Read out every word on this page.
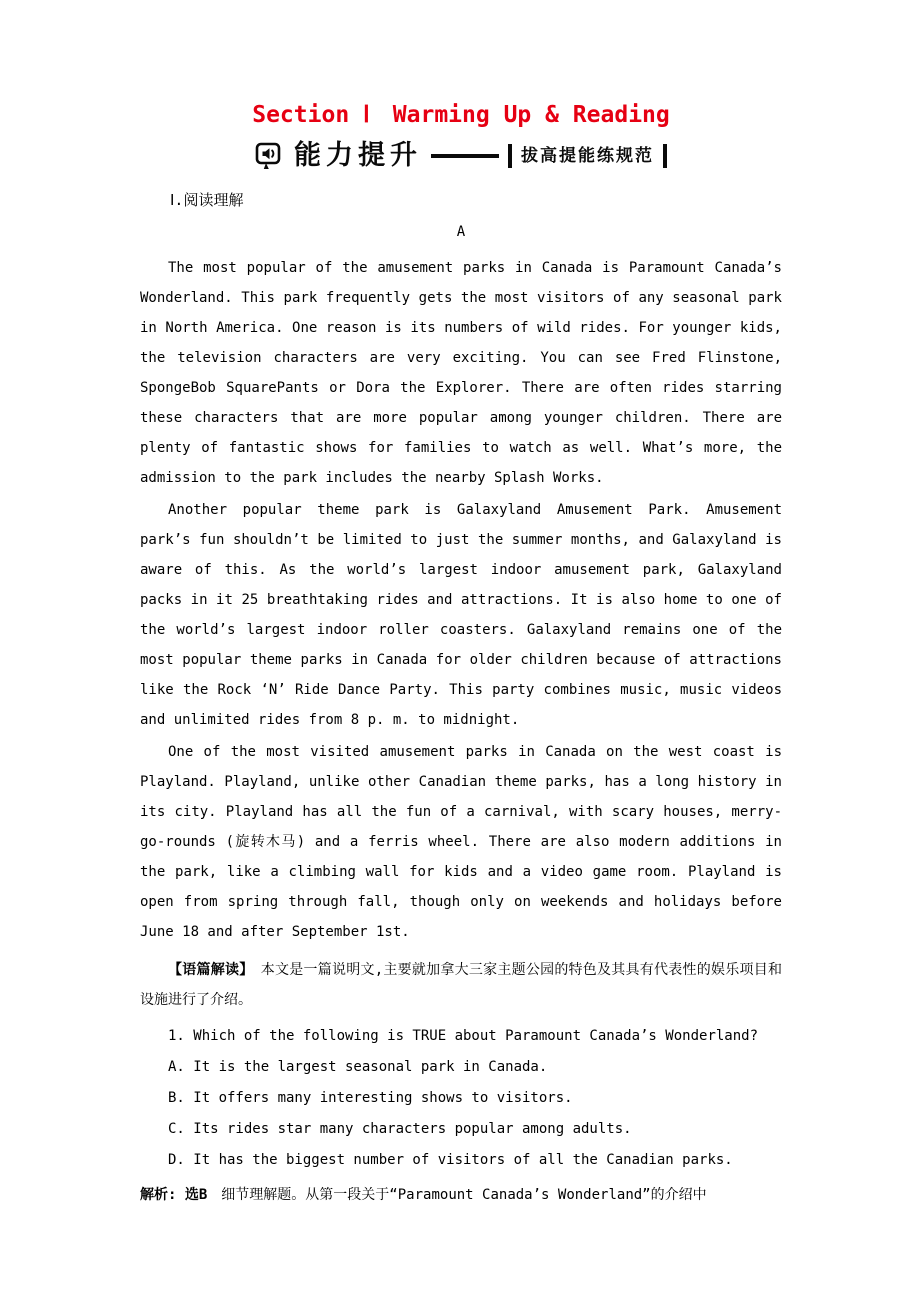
Section Ⅰ　Warming Up & Reading
能力提升	拔高提能练规范

Ⅰ.阅读理解

A

The most popular of the amusement parks in Canada is Paramount Canada’s Wonderland. This park frequently gets the most visitors of any seasonal park in North America. One reason is its numbers of wild rides. For younger kids, the television characters are very exciting. You can see Fred Flinstone, SpongeBob SquarePants or Dora the Explorer. There are often rides starring these characters that are more popular among younger children. There are plenty of fantastic shows for families to watch as well. What’s more, the admission to the park includes the nearby Splash Works.

Another popular theme park is Galaxyland Amusement Park. Amusement park’s fun shouldn’t be limited to just the summer months, and Galaxyland is aware of this. As the world’s largest indoor amusement park, Galaxyland packs in it 25 breathtaking rides and attractions. It is also home to one of the world’s largest indoor roller coasters. Galaxyland remains one of the most popular theme parks in Canada for older children because of attractions like the Rock ‘N’ Ride Dance Party. This party combines music, music videos and unlimited rides from 8 p. m. to midnight.

One of the most visited amusement parks in Canada on the west coast is Playland. Playland, unlike other Canadian theme parks, has a long history in its city. Playland has all the fun of a carnival, with scary houses, merry-go-rounds (旋转木马) and a ferris wheel. There are also modern additions in the park, like a climbing wall for kids and a video game room. Playland is open from spring through fall, though only on weekends and holidays before June 18 and after September 1st.

【语篇解读】　本文是一篇说明文,主要就加拿大三家主题公园的特色及其具有代表性的娱乐项目和设施进行了介绍。

1. Which of the following is TRUE about Paramount Canada’s Wonderland?

A. It is the largest seasonal park in Canada.

B. It offers many interesting shows to visitors.

C. Its rides star many characters popular among adults.

D. It has the biggest number of visitors of all the Canadian parks.

解析: 选B　细节理解题。从第一段关于“Paramount Canada’s Wonderland”的介绍中
